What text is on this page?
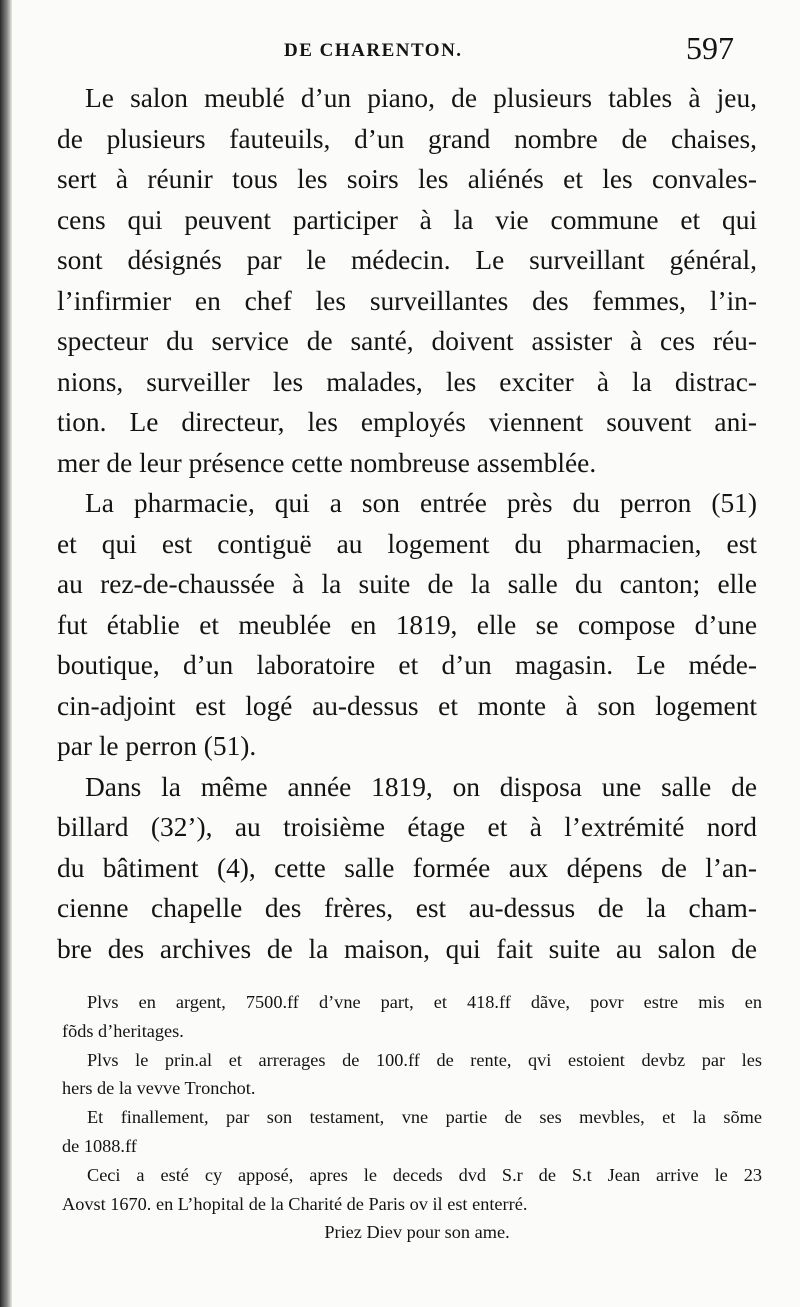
DE CHARENTON.	597
Le salon meublé d’un piano, de plusieurs tables à jeu,
de plusieurs fauteuils, d’un grand nombre de chaises,
sert à réunir tous les soirs les aliénés et les convales-
cens qui peuvent participer à la vie commune et qui
sont désignés par le médecin. Le surveillant général,
l’infirmier en chef les surveillantes des femmes, l’in-
specteur du service de santé, doivent assister à ces réu-
nions, surveiller les malades, les exciter à la distrac-
tion. Le directeur, les employés viennent souvent ani-
mer de leur présence cette nombreuse assemblée.
La pharmacie, qui a son entrée près du perron (51)
et qui est contiguë au logement du pharmacien, est
au rez-de-chaussée à la suite de la salle du canton; elle
fut établie et meublée en 1819, elle se compose d’une
boutique, d’un laboratoire et d’un magasin. Le méde-
cin-adjoint est logé au-dessus et monte à son logement
par le perron (51).
Dans la même année 1819, on disposa une salle de
billard (32’), au troisième étage et à l’extrémité nord
du bâtiment (4), cette salle formée aux dépens de l’an-
cienne chapelle des frères, est au-dessus de la cham-
bre des archives de la maison, qui fait suite au salon de
Plvs en argent, 7500.ff d’vne part, et 418.ff dãve, povr estre mis en
fõds d’heritages.
Plvs le prin.al et arrerages de 100.ff de rente, qvi estoient devbz par les
hers de la vevve Tronchot.
Et finallement, par son testament, vne partie de ses mevbles, et la sõme
de 1088.ff
Ceci a esté cy apposé, apres le deceds dvd S.r de S.t Jean arrive le 23
Aovst 1670. en L’hopital de la Charité de Paris ov il est enterré.
Priez Diev pour son ame.
